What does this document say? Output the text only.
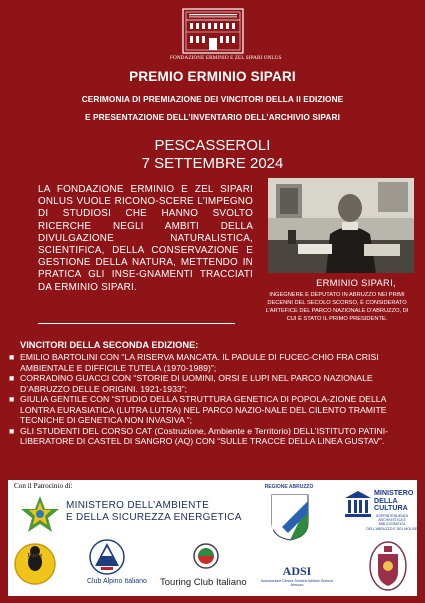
FONDAZIONE ERMINIO E ZEL SIPARI ONLUS
PREMIO ERMINIO SIPARI
CERIMONIA DI PREMIAZIONE DEI VINCITORI DELLA II EDIZIONE
E PRESENTAZIONE DELL’INVENTARIO DELL’ARCHIVIO SIPARI
PESCASSEROLI
7 SETTEMBRE 2024
LA FONDAZIONE ERMINIO E ZEL SIPARI ONLUS VUOLE RICONO-SCERE L’IMPEGNO DI STUDIOSI CHE HANNO SVOLTO RICERCHE NEGLI AMBITI DELLA DIVULGAZIONE NATURALISTICA, SCIENTIFICA, DELLA CONSERVAZIONE E GESTIONE DELLA NATURA, METTENDO IN PRATICA GLI INSE-GNAMENTI TRACCIATI DA ERMINIO SIPARI.	ERMINIO SIPARI,
INGEGNERE E DEPUTATO IN ABRUZZO NEI PRIMI DECENNI DEL SECOLO SCORSO, È CONSIDERATO L’ARTEFICE DEL PARCO NAZIONALE D’ABRUZZO, DI CUI È STATO IL PRIMO PRESIDENTE.
VINCITORI DELLA SECONDA EDIZIONE:
■ EMILIO BARTOLINI CON “LA RISERVA MANCATA. IL PADULE DI FUCEC-CHIO FRA CRISI AMBIENTALE E DIFFICILE TUTELA (1970-1989)”;
■ CORRADINO GUACCI CON “STORIE DI UOMINI, ORSI E LUPI NEL PARCO NAZIONALE D’ABRUZZO DELLE ORIGINI. 1921-1933”;
■ GIULIA GENTILE CON “STUDIO DELLA STRUTTURA GENETICA DI POPOLA-ZIONE DELLA LONTRA EURASIATICA (LUTRA LUTRA) NEL PARCO NAZIO-NALE DEL CILENTO TRAMITE TECNICHE DI GENETICA NON INVASIVA ”;
■ GLI STUDENTI DEL CORSO CAT (Costruzione, Ambiente e Territorio) DELL’ISTITUTO PATINI-LIBERATORE DI CASTEL DI SANGRO (AQ) CON “SULLE TRACCE DELLA LINEA GUSTAV”.
Con il Patrocinio di:
MINISTERO DELL’AMBIENTE
E DELLA SICUREZZA ENERGETICA
REGIONE ABRUZZO
MINISTERO
DELLA
CULTURA
SOPRINTENDENZA ARCHIVISTICA E BIBLIOGRAFICA DELL’ABRUZZO E DEL MOLISE
Parco
Club Alpino Italiano Touring Club Italiano
ADSI
Associazione Dimore Storiche Italiane Sezione Abruzzo
